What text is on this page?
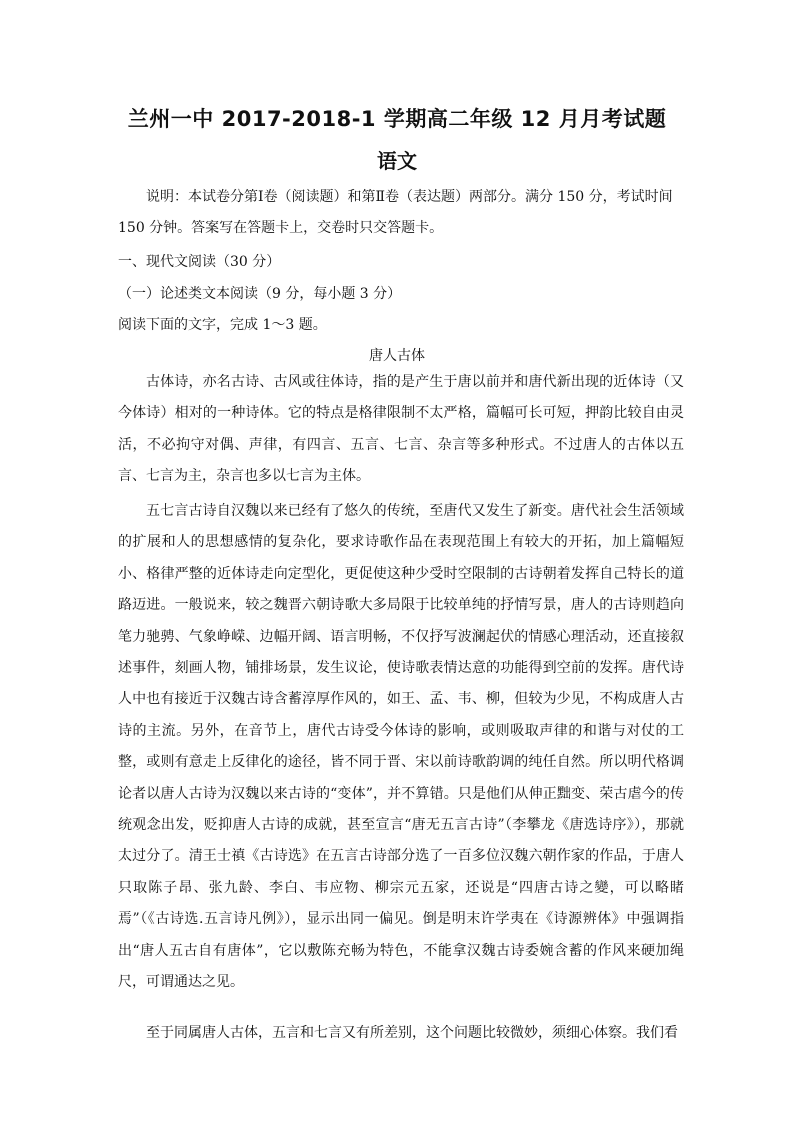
兰州一中 2017-2018-1 学期高二年级 12 月月考试题
语文
说明：本试卷分第Ⅰ卷（阅读题）和第Ⅱ卷（表达题）两部分。满分 150 分，考试时间
150 分钟。答案写在答题卡上，交卷时只交答题卡。
一、现代文阅读（30 分）
（一）论述类文本阅读（9 分，每小题 3 分）
阅读下面的文字，完成 1～3 题。
唐人古体

古体诗，亦名古诗、古风或往体诗，指的是产生于唐以前并和唐代新出现的近体诗（又今体诗）相对的一种诗体。它的特点是格律限制不太严格，篇幅可长可短，押韵比较自由灵活，不必拘守对偶、声律，有四言、五言、七言、杂言等多种形式。不过唐人的古体以五言、七言为主，杂言也多以七言为主体。

五七言古诗自汉魏以来已经有了悠久的传统，至唐代又发生了新变。唐代社会生活领域的扩展和人的思想感情的复杂化，要求诗歌作品在表现范围上有较大的开拓，加上篇幅短小、格律严整的近体诗走向定型化，更促使这种少受时空限制的古诗朝着发挥自己特长的道路迈进。一般说来，较之魏晋六朝诗歌大多局限于比较单纯的抒情写景，唐人的古诗则趋向笔力驰骋、气象峥嵘、边幅开阔、语言明畅，不仅抒写波澜起伏的情感心理活动，还直接叙述事件，刻画人物，铺排场景，发生议论，使诗歌表情达意的功能得到空前的发挥。唐代诗人中也有接近于汉魏古诗含蓄淳厚作风的，如王、孟、韦、柳，但较为少见，不构成唐人古诗的主流。另外，在音节上，唐代古诗受今体诗的影响，或则吸取声律的和谐与对仗的工整，或则有意走上反律化的途径，皆不同于晋、宋以前诗歌韵调的纯任自然。所以明代格调论者以唐人古诗为汉魏以来古诗的“变体”，并不算错。只是他们从伸正黜变、荣古虐今的传统观念出发，贬抑唐人古诗的成就，甚至宣言“唐无五言古诗”（李攀龙《唐选诗序》），那就太过分了。清王士禛《古诗选》在五言古诗部分选了一百多位汉魏六朝作家的作品，于唐人只取陈子昂、张九龄、李白、韦应物、柳宗元五家，还说是“四唐古诗之變，可以略睹焉”（《古诗选.五言诗凡例》），显示出同一偏见。倒是明末许学夷在《诗源辨体》中强调指出“唐人五古自有唐体”，它以敷陈充畅为特色，不能拿汉魏古诗委婉含蓄的作风来硬加绳尺，可谓通达之见。

至于同属唐人古体，五言和七言又有所差别，这个问题比较微妙，须细心体察。我们看
